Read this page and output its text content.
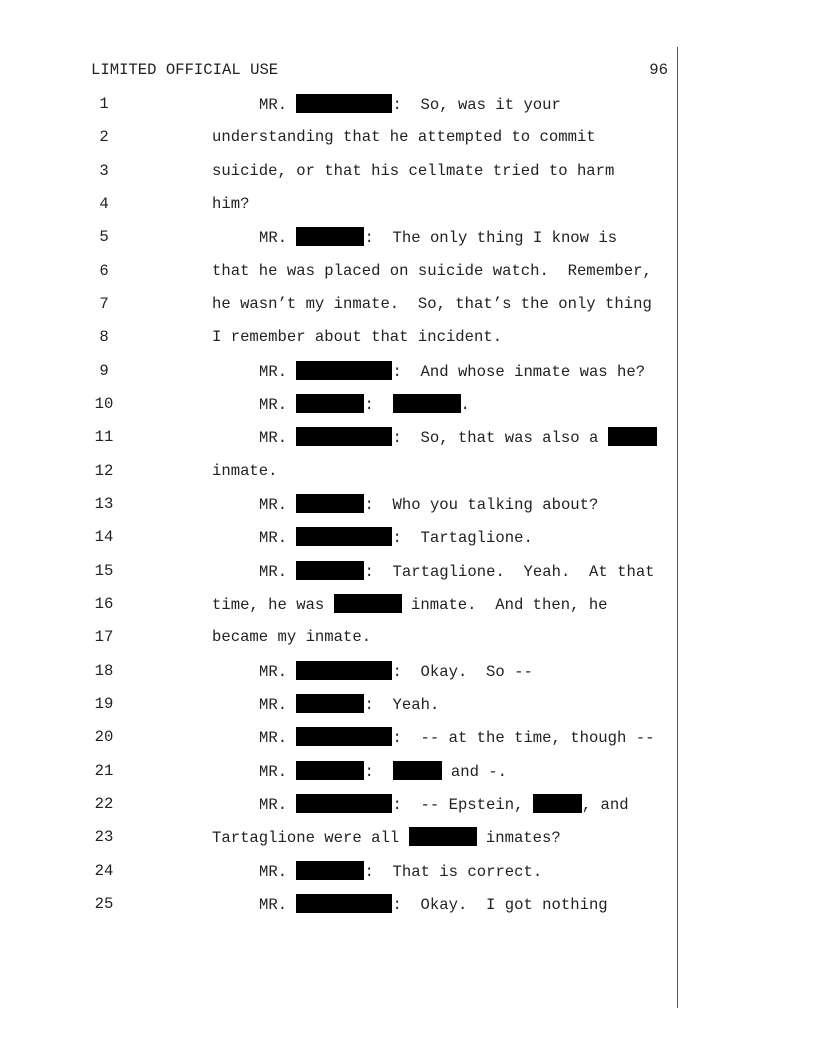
LIMITED OFFICIAL USE	96
1	MR.	:  So, was it your
2	understanding that he attempted to commit
3	suicide, or that his cellmate tried to harm
4	him?
5	MR.	:  The only thing I know is
6	that he was placed on suicide watch.  Remember,
7	he wasn’t my inmate.  So, that’s the only thing
8	I remember about that incident.
9	MR.	:  And whose inmate was he?
10	MR.	:	.
11	MR.	:  So, that was also a
12	inmate.
13	MR.	:  Who you talking about?
14	MR.	:  Tartaglione.
15	MR.	:  Tartaglione.  Yeah.  At that
16	time, he was	inmate.  And then, he
17	became my inmate.
18	MR.	:  Okay.  So --
19	MR.	:  Yeah.
20	MR.	:  -- at the time, though --
21	MR.	:	and -.
22	MR.	:  -- Epstein,	, and
23	Tartaglione were all	inmates?
24	MR.	:  That is correct.
25	MR.	:  Okay.  I got nothing
